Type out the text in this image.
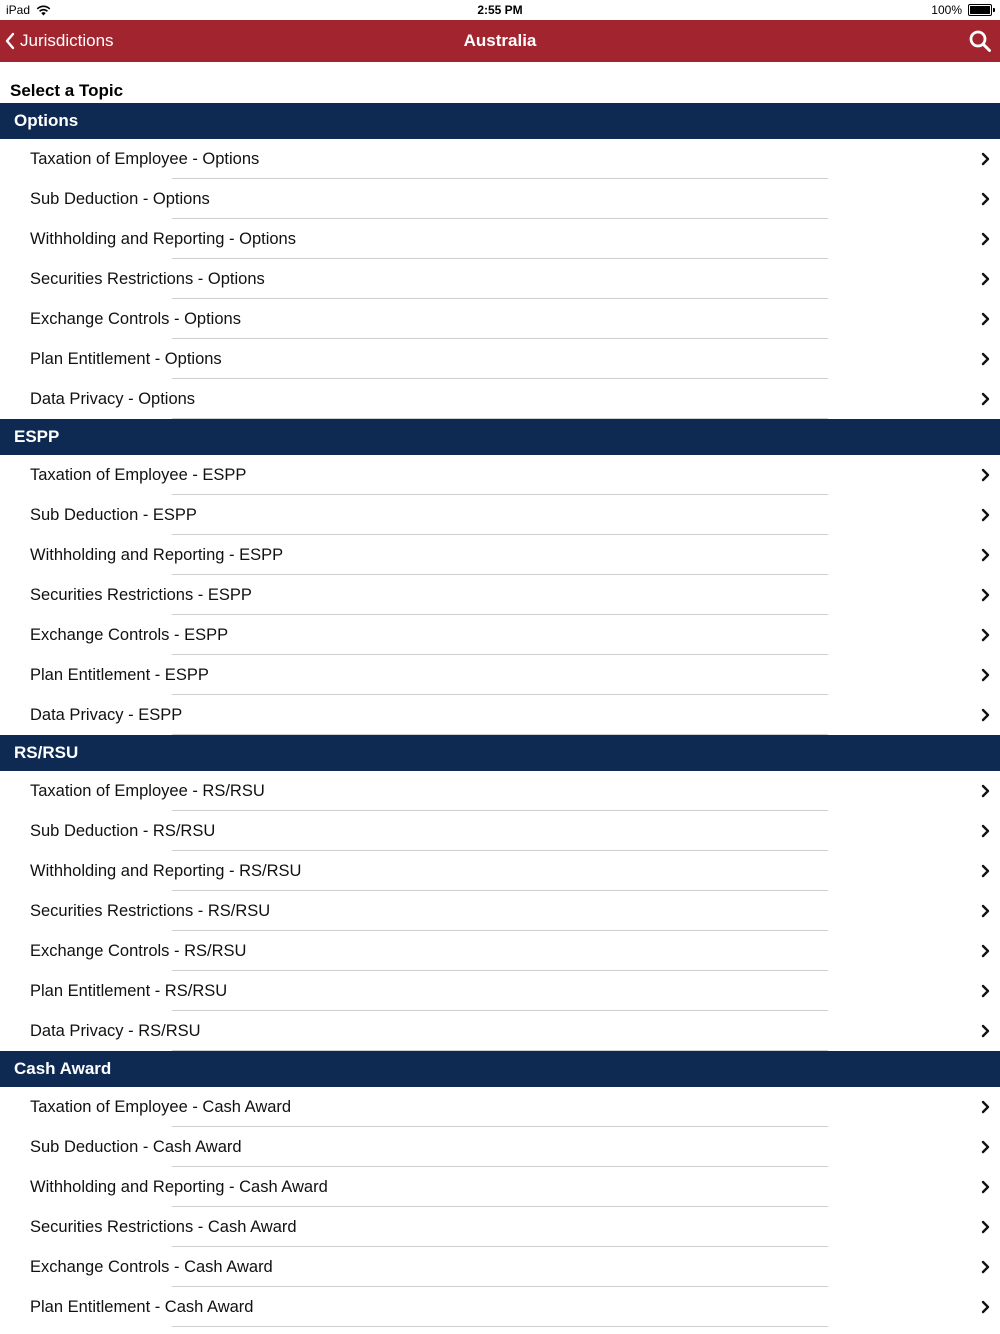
iPad	2:55 PM	100%
Jurisdictions	Australia
Select a Topic
Options
Taxation of Employee - Options
Sub Deduction - Options
Withholding and Reporting - Options
Securities Restrictions - Options
Exchange Controls - Options
Plan Entitlement - Options
Data Privacy - Options
ESPP
Taxation of Employee - ESPP
Sub Deduction - ESPP
Withholding and Reporting - ESPP
Securities Restrictions - ESPP
Exchange Controls - ESPP
Plan Entitlement - ESPP
Data Privacy - ESPP
RS/RSU
Taxation of Employee - RS/RSU
Sub Deduction - RS/RSU
Withholding and Reporting - RS/RSU
Securities Restrictions - RS/RSU
Exchange Controls - RS/RSU
Plan Entitlement - RS/RSU
Data Privacy - RS/RSU
Cash Award
Taxation of Employee - Cash Award
Sub Deduction - Cash Award
Withholding and Reporting - Cash Award
Securities Restrictions - Cash Award
Exchange Controls - Cash Award
Plan Entitlement - Cash Award
